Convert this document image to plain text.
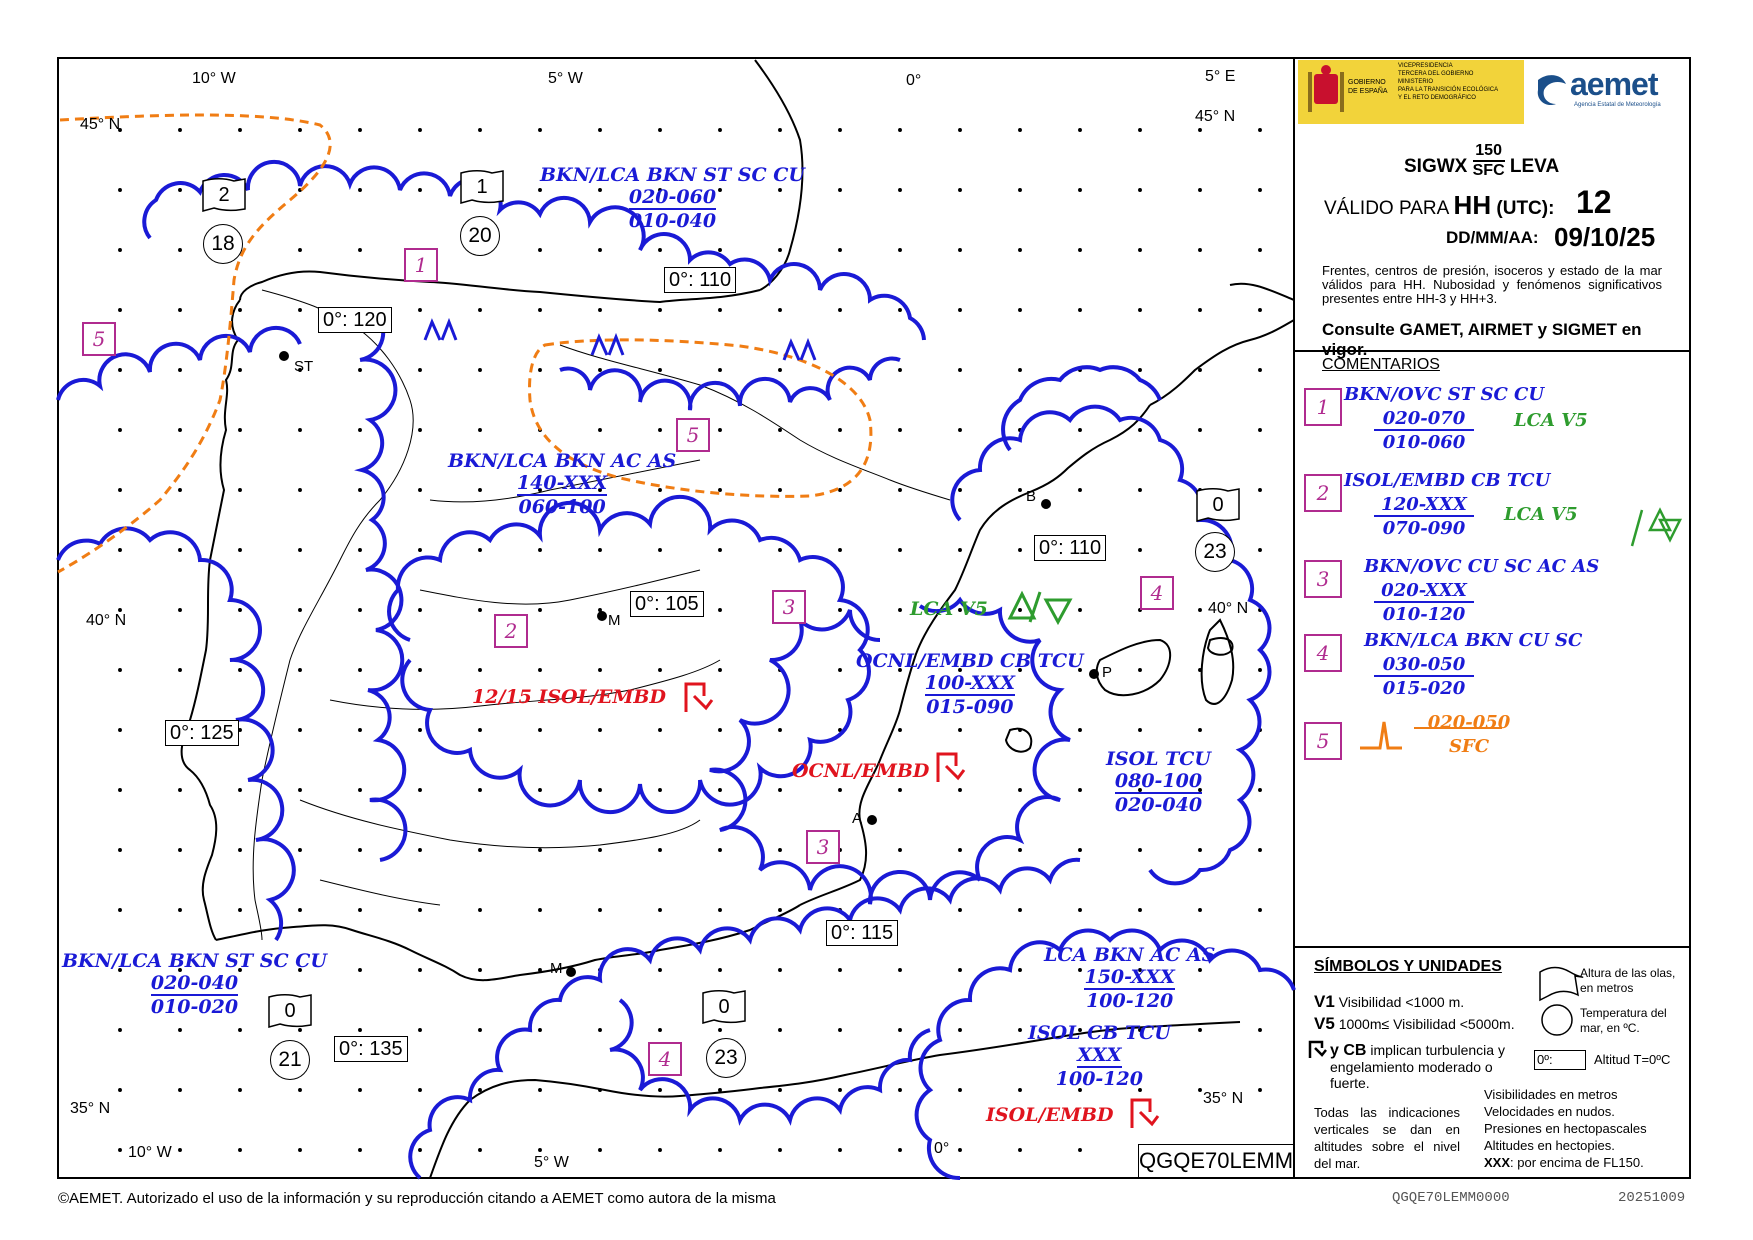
10° W	5° W	0°	5° E
45° N	45° N
40° N
40° N
35° N
35° N
10° W
5° W
0°
ST
M
B
P
A
M
0°: 110
0°: 120
0°: 105
0°: 110
0°: 125
0°: 115
0°: 135
1
2
3
3
4
4
5
5
2
18
1
20
0
23
0
21
0
23
BKN/LCA BKN ST SC CU
020-060
010-040
BKN/LCA BKN AC AS
140-XXX
060-100
OCNL/EMBD CB TCU
100-XXX
015-090
ISOL TCU
080-100
020-040
BKN/LCA BKN ST SC CU
020-040
010-020
LCA BKN AC AS
150-XXX
100-120
ISOL CB TCU
XXX
100-120
12/15 ISOL/EMBD
OCNL/EMBD
ISOL/EMBD
LCA V5
QGQE70LEMM
GOBIERNO DE ESPAÑA
VICEPRESIDENCIA
TERCERA DEL GOBIERNO
MINISTERIO
PARA LA TRANSICIÓN ECOLÓGICA
Y EL RETO DEMOGRÁFICO	aemet
Agencia Estatal de Meteorología
SIGWX
150
SFC LEVA
VÁLIDO PARA HH (UTC): 12
DD/MM/AA: 09/10/25
Frentes, centros de presión, isoceros y estado de la mar válidos para HH. Nubosidad y fenómenos significativos presentes entre HH-3 y HH+3.
Consulte GAMET, AIRMET y SIGMET en
COMENTARIOS
1
BKN/OVC ST SC CU
020-070
010-060
LCA V5
2
ISOL/EMBD CB TCU
120-XXX
070-090
LCA V5
3
BKN/OVC CU SC AC AS
020-XXX
010-120
4
BKN/LCA BKN CU SC
030-050
015-020
5
020-050
SFC
SÍMBOLOS Y UNIDADES
V1 Visibilidad <1000 m.
V5 1000m≤ Visibilidad <5000m.
Altura de las olas, en metros
Temperatura del mar, en ºC.
y CB implican turbulencia y engelamiento moderado o fuerte.
0º:	Altitud T=0ºC
Todas las indicaciones verticales se dan en altitudes sobre el nivel del mar.
Visibilidades en metros
Velocidades en nudos.
Presiones en hectopascales
Altitudes en hectopies.
XXX: por encima de FL150.
©AEMET. Autorizado el uso de la información y su reproducción citando a AEMET como autora de la misma	QGQE70LEMM0000	20251009
